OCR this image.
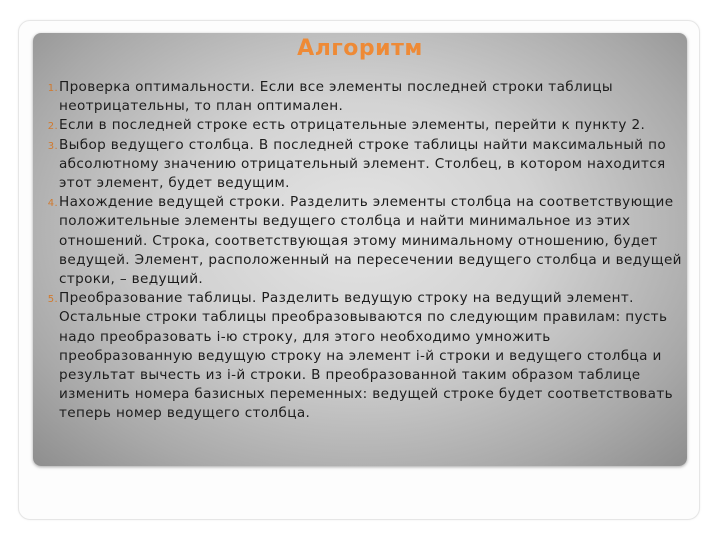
Алгоритм
1. Проверка оптимальности. Если все элементы последней строки таблицы неотрицательны, то план оптимален.
2. Если в последней строке есть отрицательные элементы, перейти к пункту 2.
3. Выбор ведущего столбца. В последней строке таблицы найти максимальный по абсолютному значению отрицательный элемент. Столбец, в котором находится этот элемент, будет ведущим.
4. Нахождение ведущей строки. Разделить элементы столбца на соответствующие положительные элементы ведущего столбца и найти минимальное из этих отношений. Строка, соответствующая этому минимальному отношению, будет ведущей. Элемент, расположенный на пересечении ведущего столбца и ведущей строки, – ведущий.
5. Преобразование таблицы. Разделить ведущую строку на ведущий элемент. Остальные строки таблицы преобразовываются по следующим правилам: пусть надо преобразовать i-ю строку, для этого необходимо умножить преобразованную ведущую строку на элемент i-й строки и ведущего столбца и результат вычесть из i-й строки. В преобразованной таким образом таблице изменить номера базисных переменных: ведущей строке будет соответствовать теперь номер ведущего столбца.
